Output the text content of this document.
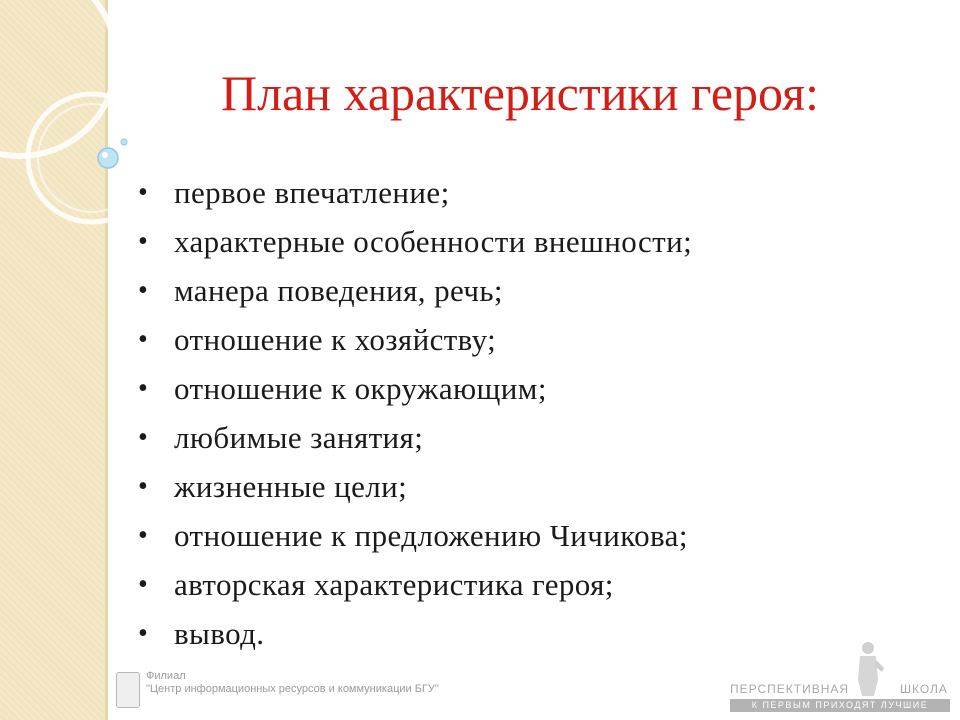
План характеристики героя:
• первое впечатление;
• характерные особенности внешности;
• манера поведения, речь;
• отношение к хозяйству;
• отношение к окружающим;
• любимые занятия;
• жизненные цели;
• отношение к предложению Чичикова;
• авторская характеристика героя;
• вывод.
Филиал
"Центр информационных ресурсов и коммуникации БГУ"	ПЕРСПЕКТИВНАЯ	ШКОЛА
К ПЕРВЫМ ПРИХОДЯТ ЛУЧШИЕ
